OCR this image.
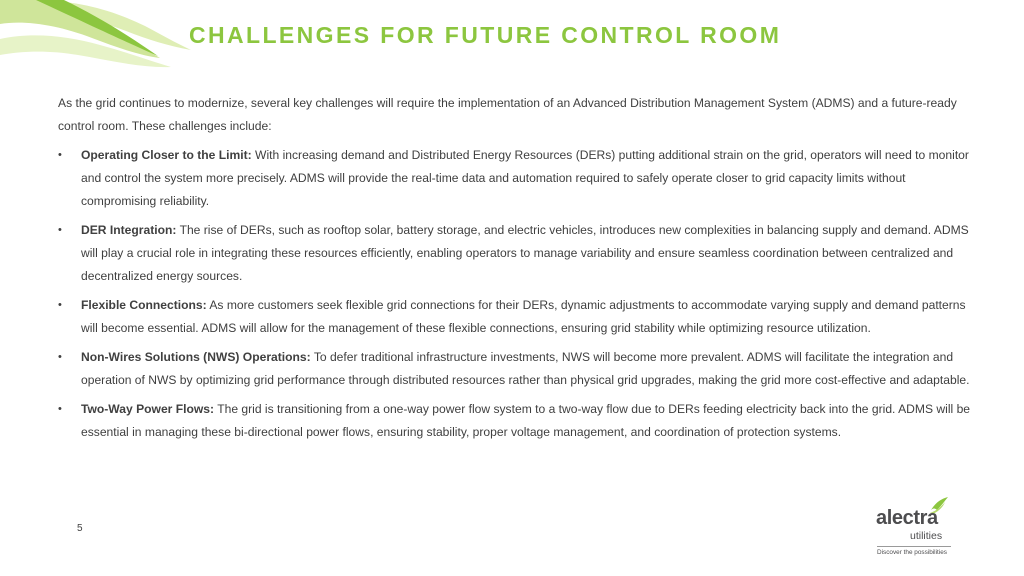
CHALLENGES FOR FUTURE CONTROL ROOM

As the grid continues to modernize, several key challenges will require the implementation of an Advanced Distribution Management System (ADMS) and a future-ready control room. These challenges include:

•	Operating Closer to the Limit: With increasing demand and Distributed Energy Resources (DERs) putting additional strain on the grid, operators will need to monitor and control the system more precisely. ADMS will provide the real-time data and automation required to safely operate closer to grid capacity limits without compromising reliability.
•	DER Integration: The rise of DERs, such as rooftop solar, battery storage, and electric vehicles, introduces new complexities in balancing supply and demand. ADMS will play a crucial role in integrating these resources efficiently, enabling operators to manage variability and ensure seamless coordination between centralized and decentralized energy sources.
•	Flexible Connections: As more customers seek flexible grid connections for their DERs, dynamic adjustments to accommodate varying supply and demand patterns will become essential. ADMS will allow for the management of these flexible connections, ensuring grid stability while optimizing resource utilization.
•	Non-Wires Solutions (NWS) Operations: To defer traditional infrastructure investments, NWS will become more prevalent. ADMS will facilitate the integration and operation of NWS by optimizing grid performance through distributed resources rather than physical grid upgrades, making the grid more cost-effective and adaptable.
•	Two-Way Power Flows: The grid is transitioning from a one-way power flow system to a two-way flow due to DERs feeding electricity back into the grid. ADMS will be essential in managing these bi-directional power flows, ensuring stability, proper voltage management, and coordination of protection systems.
5	alectra
utilities
Discover the possibilities
